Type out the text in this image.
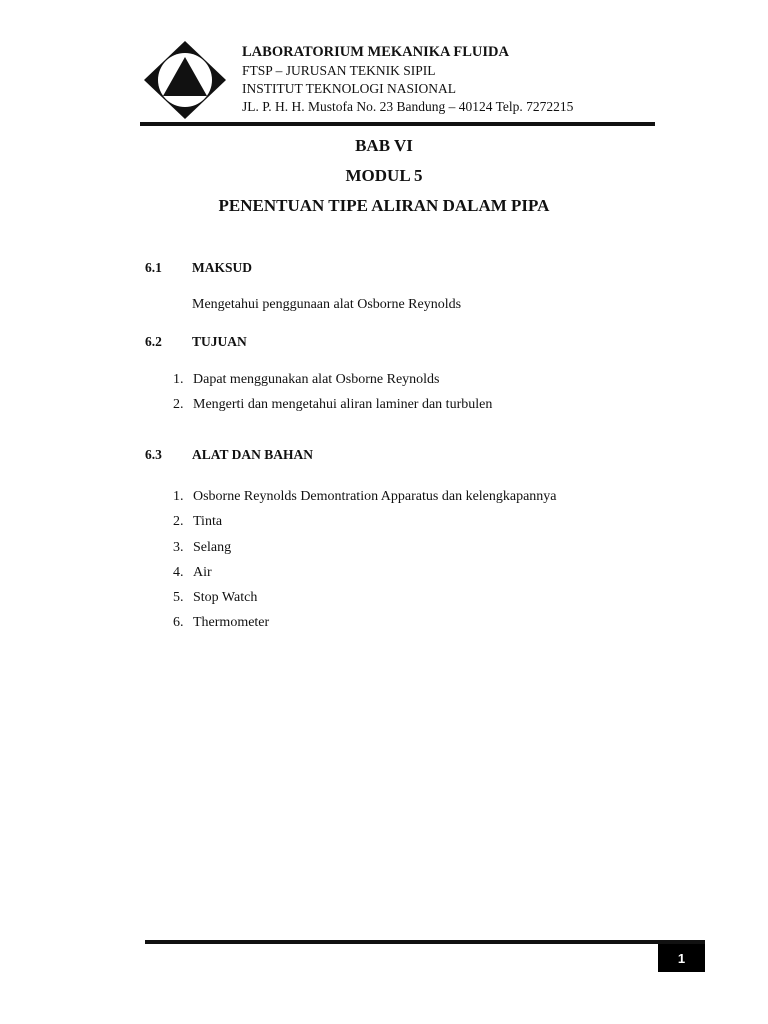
LABORATORIUM MEKANIKA FLUIDA
FTSP – JURUSAN TEKNIK SIPIL
INSTITUT TEKNOLOGI NASIONAL
JL. P. H. H. Mustofa No. 23 Bandung – 40124 Telp. 7272215
BAB VI
MODUL 5
PENENTUAN TIPE ALIRAN DALAM PIPA
6.1 MAKSUD
Mengetahui penggunaan alat Osborne Reynolds
6.2 TUJUAN
1. Dapat menggunakan alat Osborne Reynolds
2. Mengerti dan mengetahui aliran laminer dan turbulen
6.3 ALAT DAN BAHAN
1. Osborne Reynolds Demontration Apparatus dan kelengkapannya
2. Tinta
3. Selang
4. Air
5. Stop Watch
6. Thermometer
1
